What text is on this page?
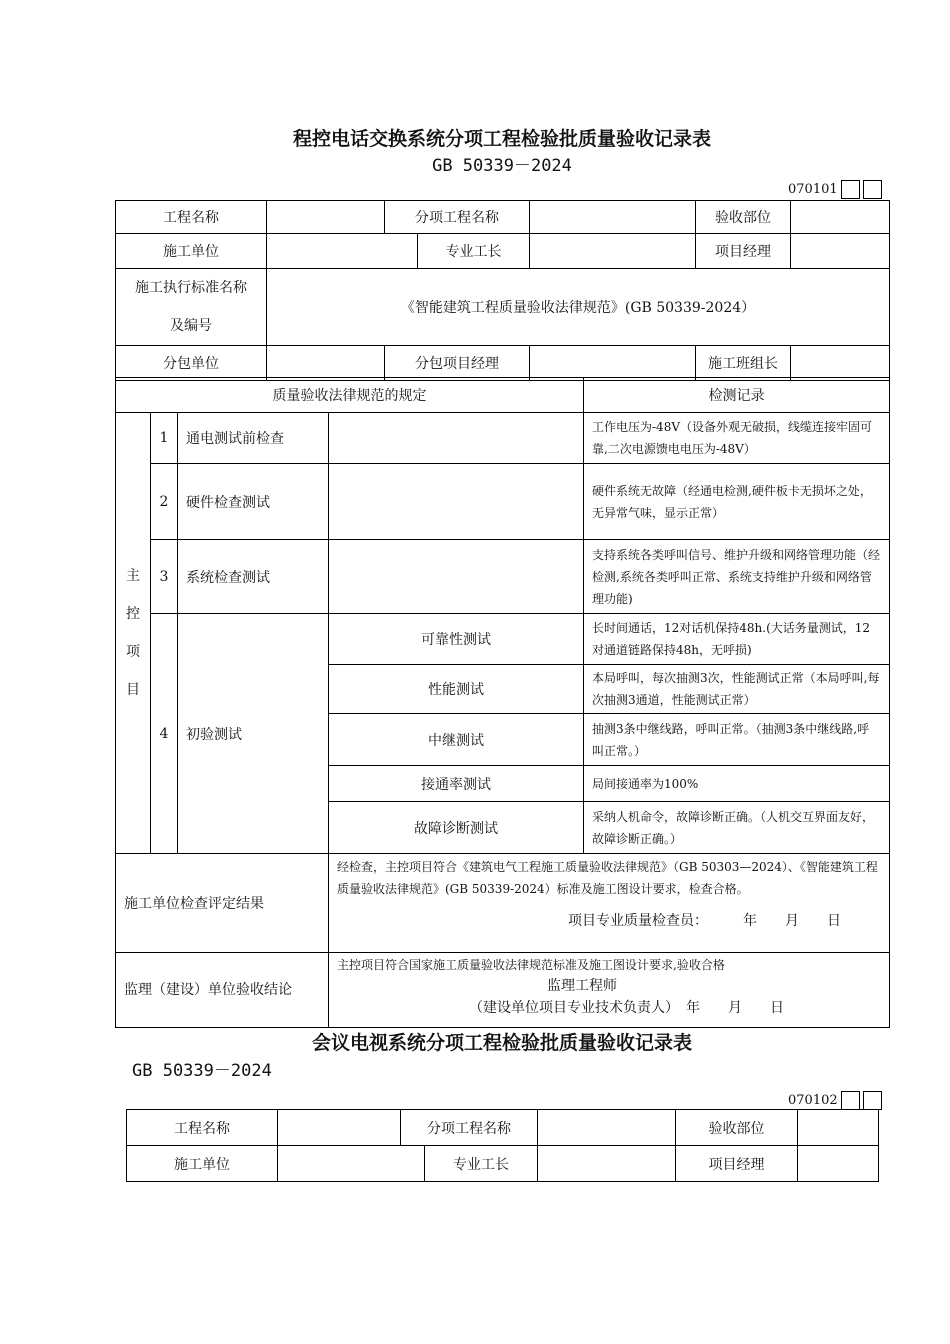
程控电话交换系统分项工程检验批质量验收记录表
GB 50339－2024
070101
工程名称		分项工程名称			验收部位	
施工单位			专业工长		项目经理	
施工执行标准名称及编号	《智能建筑工程质量验收法律规范》(GB 50339-2024）					
分包单位		分包项目经理			施工班组长	
质量验收法律规范的规定				检测记录
主控项目	1	通电测试前检查		工作电压为-48V（设备外观无破损，线缆连接牢固可靠,二次电源馈电电压为-48V）
	2	硬件检查测试		硬件系统无故障（经通电检测,硬件板卡无损坏之处，无异常气味，显示正常）
	3	系统检查测试		支持系统各类呼叫信号、维护升级和网络管理功能（经检测,系统各类呼叫正常、系统支持维护升级和网络管理功能)
	4	初验测试	可靠性测试	长时间通话，12对话机保持48h.(大话务量测试，12对通道链路保持48h，无呼损)
			性能测试	本局呼叫，每次抽测3次，性能测试正常（本局呼叫,每次抽测3通道，性能测试正常）
			中继测试	抽测3条中继线路，呼叫正常。（抽测3条中继线路,呼叫正常。）
			接通率测试	局间接通率为100%
			故障诊断测试	采纳人机命令，故障诊断正确。（人机交互界面友好，故障诊断正确。）
施工单位检查评定结果			经检查，主控项目符合《建筑电气工程施工质量验收法律规范》（GB 50303—2024）、《智能建筑工程质量验收法律规范》(GB 50339-2024）标准及施工图设计要求，检查合格。
项目专业质量检查员：　　　年　　月　　日	

监理（建设）单位验收结论			主控项目符合国家施工质量验收法律规范标准及施工图设计要求,验收合格
监理工程师
（建设单位项目专业技术负责人）　年　　月　　日	
会议电视系统分项工程检验批质量验收记录表
GB 50339－2024
070102
工程名称		分项工程名称			验收部位	
施工单位			专业工长		项目经理	
